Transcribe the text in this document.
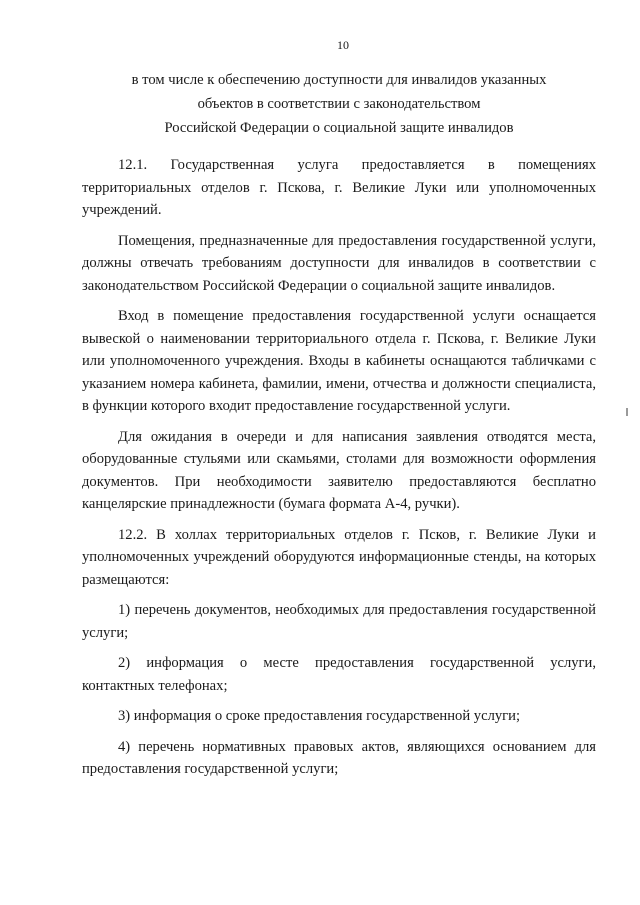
10
в том числе к обеспечению доступности для инвалидов указанных
объектов в соответствии с законодательством
Российской Федерации о социальной защите инвалидов

12.1. Государственная услуга предоставляется в помещениях территориальных отделов г. Пскова, г. Великие Луки или уполномоченных учреждений.

Помещения, предназначенные для предоставления государственной услуги, должны отвечать требованиям доступности для инвалидов в соответствии с законодательством Российской Федерации о социальной защите инвалидов.

Вход в помещение предоставления государственной услуги оснащается вывеской о наименовании территориального отдела г. Пскова, г. Великие Луки или уполномоченного учреждения. Входы в кабинеты оснащаются табличками с указанием номера кабинета, фамилии, имени, отчества и должности специалиста, в функции которого входит предоставление государственной услуги.

Для ожидания в очереди и для написания заявления отводятся места, оборудованные стульями или скамьями, столами для возможности оформления документов. При необходимости заявителю предоставляются бесплатно канцелярские принадлежности (бумага формата А-4, ручки).

12.2. В холлах территориальных отделов г. Псков, г. Великие Луки и уполномоченных учреждений оборудуются информационные стенды, на которых размещаются:

1) перечень документов, необходимых для предоставления государственной услуги;

2) информация о месте предоставления государственной услуги, контактных телефонах;

3) информация о сроке предоставления государственной услуги;

4) перечень нормативных правовых актов, являющихся основанием для предоставления государственной услуги;
